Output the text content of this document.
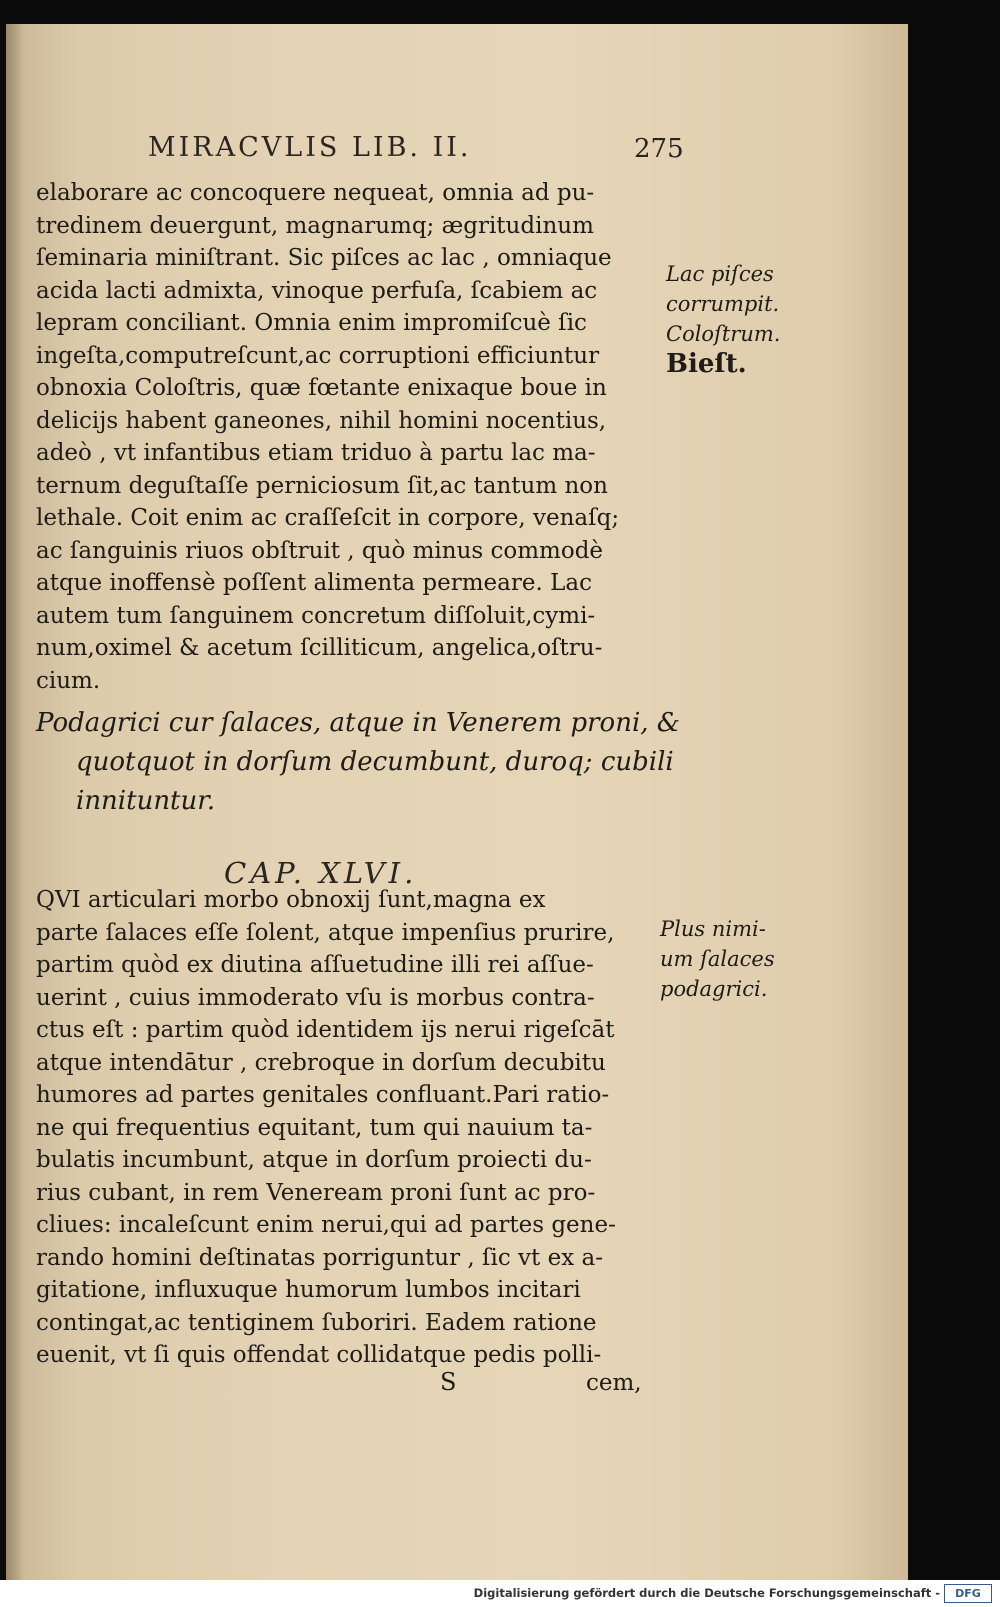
MIRACVLIS LIB. II.	275
elaborare ac concoquere nequeat, omnia ad pu-
tredinem deuergunt, magnarumq; ægritudinum
ſeminaria miniſtrant. Sic piſces ac lac , omniaque
acida lacti admixta, vinoque perfuſa, ſcabiem ac
lepram conciliant. Omnia enim impromiſcuè ſic
ingeſta,computreſcunt,ac corruptioni efficiuntur
obnoxia Coloſtris, quæ fœtante enixaque boue in
delicijs habent ganeones, nihil homini nocentius,
adeò , vt infantibus etiam triduo à partu lac ma-
ternum deguſtaſſe perniciosum ſit,ac tantum non
lethale. Coit enim ac craſſeſcit in corpore, venaſq;
ac ſanguinis riuos obſtruit , quò minus commodè
atque inoffensè poſſent alimenta permeare. Lac
autem tum ſanguinem concretum diſſoluit,cymi-
num,oximel & acetum ſcilliticum, angelica,oſtru-
cium.
Podagrici cur ſalaces, atque in Venerem proni, &
quotquot in dorſum decumbunt, duroq; cubili
innituntur.
CAP. XLVI.
QVI articulari morbo obnoxij ſunt,magna ex
parte ſalaces eſſe ſolent, atque impenſius prurire,
partim quòd ex diutina aſſuetudine illi rei aſſue-
uerint , cuius immoderato vſu is morbus contra-
ctus eſt : partim quòd identidem ijs nerui rigeſcāt
atque intendātur , crebroque in dorſum decubitu
humores ad partes genitales confluant.Pari ratio-
ne qui frequentius equitant, tum qui nauium ta-
bulatis incumbunt, atque in dorſum proiecti du-
rius cubant, in rem Veneream proni ſunt ac pro-
cliues: incaleſcunt enim nerui,qui ad partes gene-
rando homini deſtinatas porriguntur , ſic vt ex a-
gitatione, influxuque humorum lumbos incitari
contingat,ac tentiginem ſuboriri. Eadem ratione
euenit, vt ſi quis offendat collidatque pedis polli-
Lac piſces
corrumpit.
Coloſtrum.
Bieſt.
Plus nimi-
um ſalaces
podagrici.
S	cem,
Digitalisierung gefördert durch die Deutsche Forschungsgemeinschaft -	DFG
